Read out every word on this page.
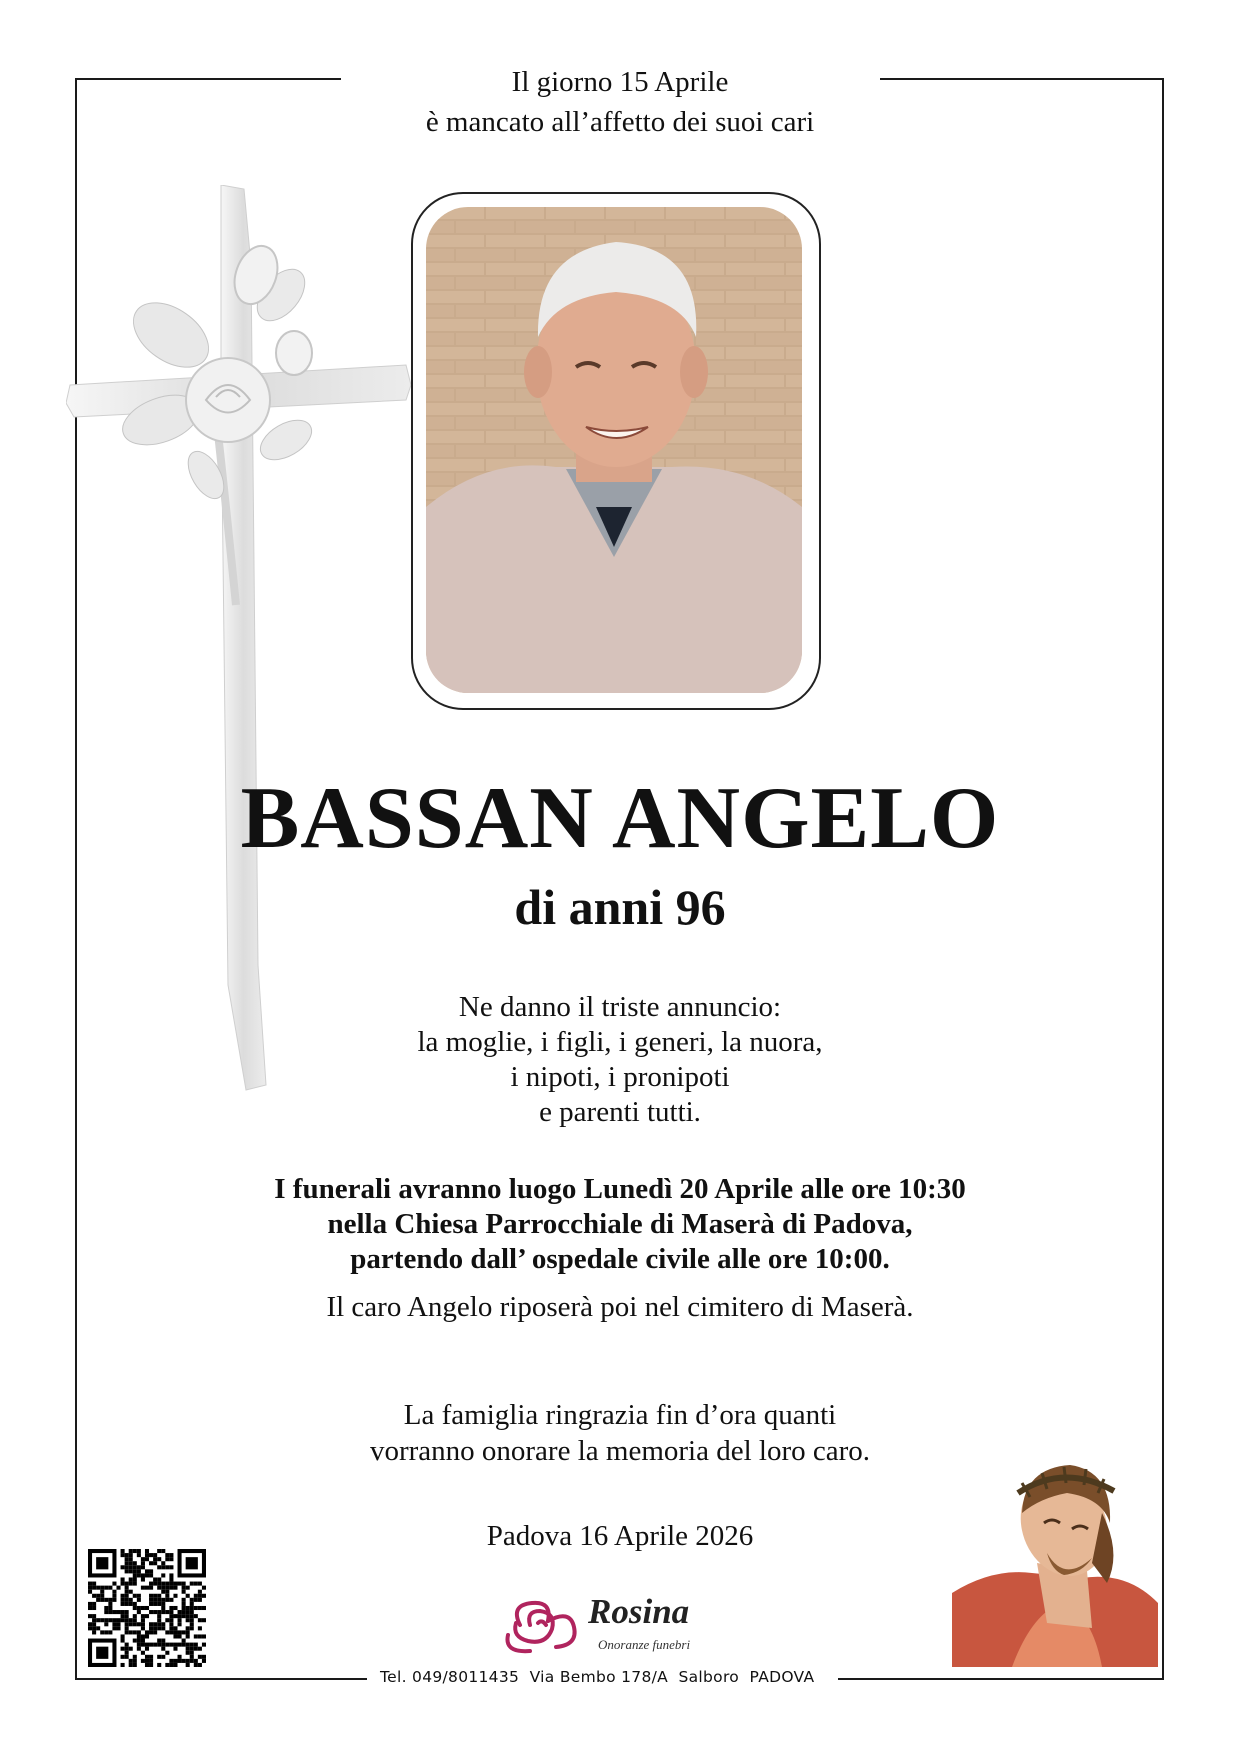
Il giorno 15 Aprile
è mancato all’affetto dei suoi cari
BASSAN ANGELO
di anni 96
Ne danno il triste annuncio:
la moglie, i figli, i generi, la nuora,
i nipoti, i pronipoti
e parenti tutti.
I funerali avranno luogo Lunedì 20 Aprile alle ore 10:30
nella Chiesa Parrocchiale di Maserà di Padova,
partendo dall’ ospedale civile alle ore 10:00.
Il caro Angelo riposerà poi nel cimitero di Maserà.
La famiglia ringrazia fin d’ora quanti
vorranno onorare la memoria del loro caro.
Padova 16 Aprile 2026
Rosina
Onoranze funebri
Tel. 049/8011435  Via Bembo 178/A  Salboro  PADOVA
